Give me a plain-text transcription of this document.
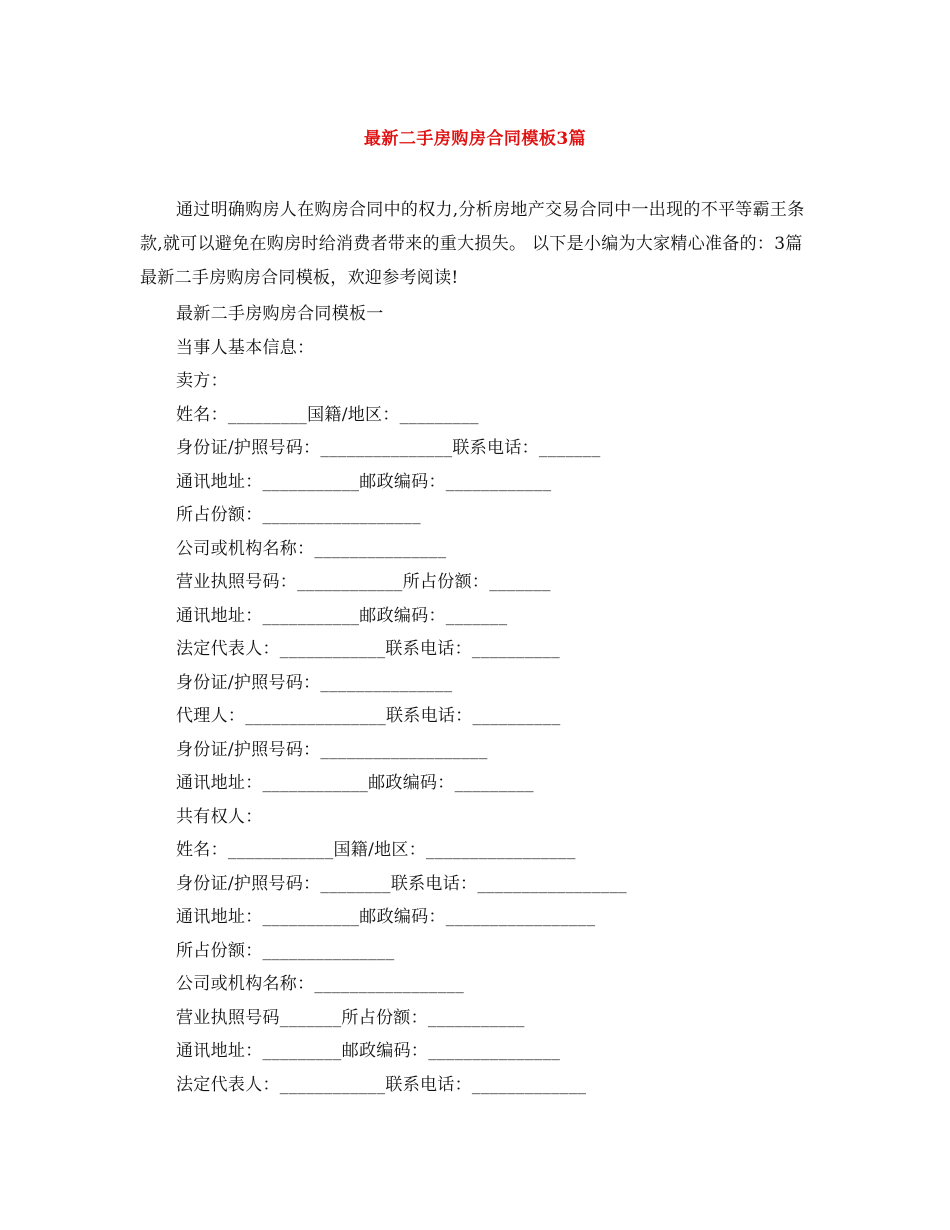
最新二手房购房合同模板3篇

通过明确购房人在购房合同中的权力,分析房地产交易合同中一出现的不平等霸王条款,就可以避免在购房时给消费者带来的重大损失。 以下是小编为大家精心准备的：3篇最新二手房购房合同模板，欢迎参考阅读!

最新二手房购房合同模板一
当事人基本信息：
卖方：
姓名：_________国籍/地区：_________
身份证/护照号码：_______________联系电话：_______
通讯地址：___________邮政编码：____________
所占份额：__________________
公司或机构名称：_______________
营业执照号码：____________所占份额：_______
通讯地址：___________邮政编码：_______
法定代表人：____________联系电话：__________
身份证/护照号码：_______________
代理人：________________联系电话：__________
身份证/护照号码：___________________
通讯地址：____________邮政编码：_________
共有权人：
姓名：____________国籍/地区：_________________
身份证/护照号码：________联系电话：_________________
通讯地址：___________邮政编码：_________________
所占份额：_______________
公司或机构名称：_________________
营业执照号码_______所占份额：___________
通讯地址：_________邮政编码：_______________
法定代表人：____________联系电话：_____________
